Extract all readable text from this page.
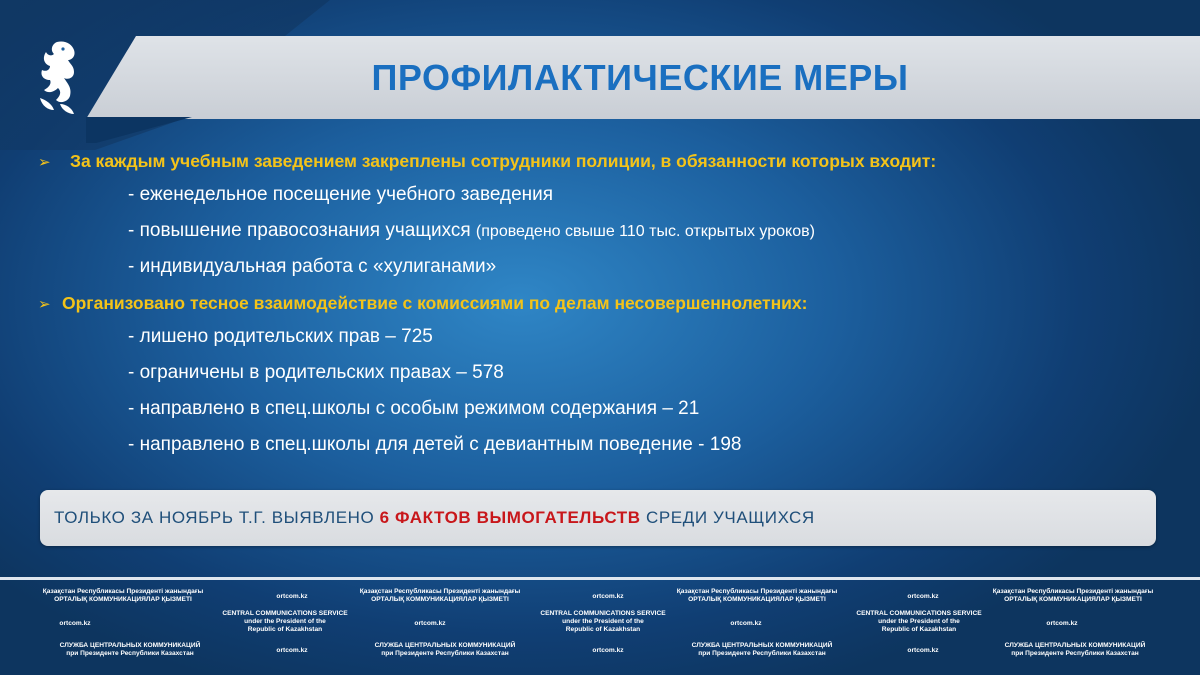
ПРОФИЛАКТИЧЕСКИЕ МЕРЫ
➢	За каждым учебным заведением закреплены сотрудники полиции, в обязанности которых входит:
- еженедельное посещение учебного заведения
- повышение правосознания учащихся (проведено свыше 110 тыс. открытых уроков)
- индивидуальная работа с «хулиганами»
➢ Организовано тесное взаимодействие с комиссиями по делам несовершеннолетних:
- лишено родительских прав – 725
- ограничены в родительских правах – 578
- направлено в спец.школы с особым режимом содержания – 21
- направлено в спец.школы для детей с девиантным поведение - 198
ТОЛЬКО ЗА НОЯБРЬ Т.Г. ВЫЯВЛЕНО 6 ФАКТОВ ВЫМОГАТЕЛЬСТВ СРЕДИ УЧАЩИХСЯ
Қазақстан Республикасы Президенті жанындағы
ОРТАЛЫҚ КОММУНИКАЦИЯЛАР ҚЫЗМЕТІ	ortcom.kz
Қазақстан Республикасы Президенті жанындағы
ОРТАЛЫҚ КОММУНИКАЦИЯЛАР ҚЫЗМЕТІ	ortcom.kz
Қазақстан Республикасы Президенті жанындағы
ОРТАЛЫҚ КОММУНИКАЦИЯЛАР ҚЫЗМЕТІ	ortcom.kz
Қазақстан Республикасы Президенті жанындағы
ОРТАЛЫҚ КОММУНИКАЦИЯЛАР ҚЫЗМЕТІ
ortcom.kz
CENTRAL COMMUNICATIONS SERVICE
under the President of the
Republic of Kazakhstan
ortcom.kz
CENTRAL COMMUNICATIONS SERVICE
under the President of the
Republic of Kazakhstan
ortcom.kz
CENTRAL COMMUNICATIONS SERVICE
under the President of the
Republic of Kazakhstan
ortcom.kz
СЛУЖБА ЦЕНТРАЛЬНЫХ КОММУНИКАЦИЙ
при Президенте Республики Казахстан	ortcom.kz
СЛУЖБА ЦЕНТРАЛЬНЫХ КОММУНИКАЦИЙ
при Президенте Республики Казахстан	ortcom.kz
СЛУЖБА ЦЕНТРАЛЬНЫХ КОММУНИКАЦИЙ
при Президенте Республики Казахстан	ortcom.kz
СЛУЖБА ЦЕНТРАЛЬНЫХ КОММУНИКАЦИЙ
при Президенте Республики Казахстан
